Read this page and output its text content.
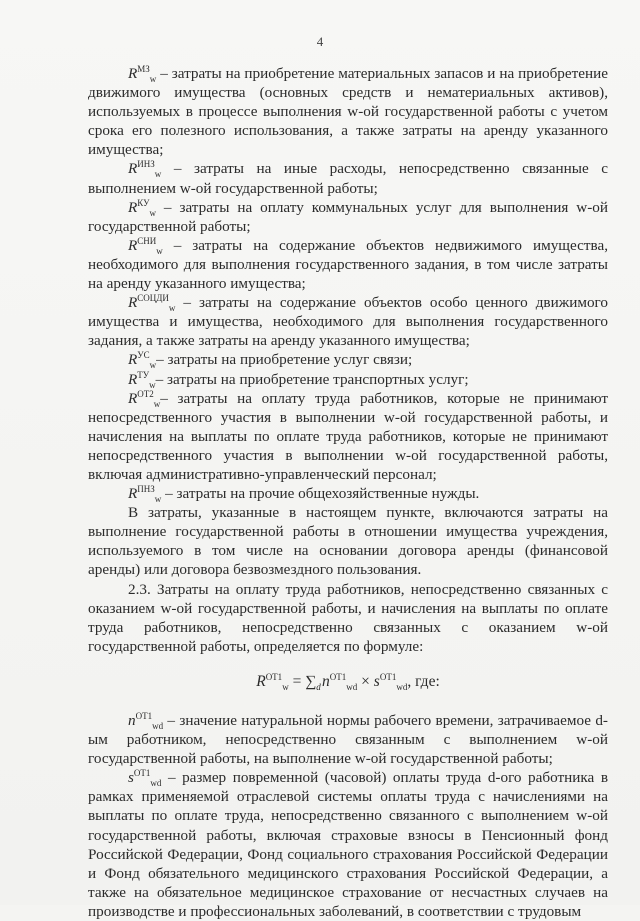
4

$R^{МЗ}_w$ – затраты на приобретение материальных запасов и на приобретение движимого имущества (основных средств и нематериальных активов), используемых в процессе выполнения w-ой государственной работы с учетом срока его полезного использования, а также затраты на аренду указанного имущества;

$R^{ИНЗ}_w$ – затраты на иные расходы, непосредственно связанные с выполнением w-ой государственной работы;

$R^{КУ}_w$ – затраты на оплату коммунальных услуг для выполнения w-ой государственной работы;

$R^{СНИ}_w$ – затраты на содержание объектов недвижимого имущества, необходимого для выполнения государственного задания, в том числе затраты на аренду указанного имущества;

$R^{СОЦДИ}_w$ – затраты на содержание объектов особо ценного движимого имущества и имущества, необходимого для выполнения государственного задания, а также затраты на аренду указанного имущества;

$R^{УС}_w-$ затраты на приобретение услуг связи;

$R^{ТУ}_w-$ затраты на приобретение транспортных услуг;

$R^{ОТ2}_w-$ затраты на оплату труда работников, которые не принимают непосредственного участия в выполнении w-ой государственной работы, и начисления на выплаты по оплате труда работников, которые не принимают непосредственного участия в выполнении w-ой государственной работы, включая административно-управленческий персонал;

$R^{ПНЗ}_w$ – затраты на прочие общехозяйственные нужды.

В затраты, указанные в настоящем пункте, включаются затраты на выполнение государственной работы в отношении имущества учреждения, используемого в том числе на основании договора аренды (финансовой аренды) или договора безвозмездного пользования.

2.3. Затраты на оплату труда работников, непосредственно связанных с оказанием w-ой государственной работы, и начисления на выплаты по оплате труда работников, непосредственно связанных с оказанием w-ой государственной работы, определяется по формуле:

$R^{ОТ1}_w = \sum_d$ $n^{ОТ1}_{wd} \times s^{ОТ1}_{wd}$, где:

$n^{ОТ1}_{wd}$ – значение натуральной нормы рабочего времени, затрачиваемое d-ым работником, непосредственно связанным с выполнением w-ой государственной работы, на выполнение w-ой государственной работы;

$s^{ОТ1}_{wd}$ – размер повременной (часовой) оплаты труда d-ого работника в рамках применяемой отраслевой системы оплаты труда с начислениями на выплаты по оплате труда, непосредственно связанного с выполнением w-ой государственной работы, включая страховые взносы в Пенсионный фонд Российской Федерации, Фонд социального страхования Российской Федерации и Фонд обязательного медицинского страхования Российской Федерации, а также на обязательное медицинское страхование от несчастных случаев на производстве и профессиональных заболеваний, в соответствии с трудовым
